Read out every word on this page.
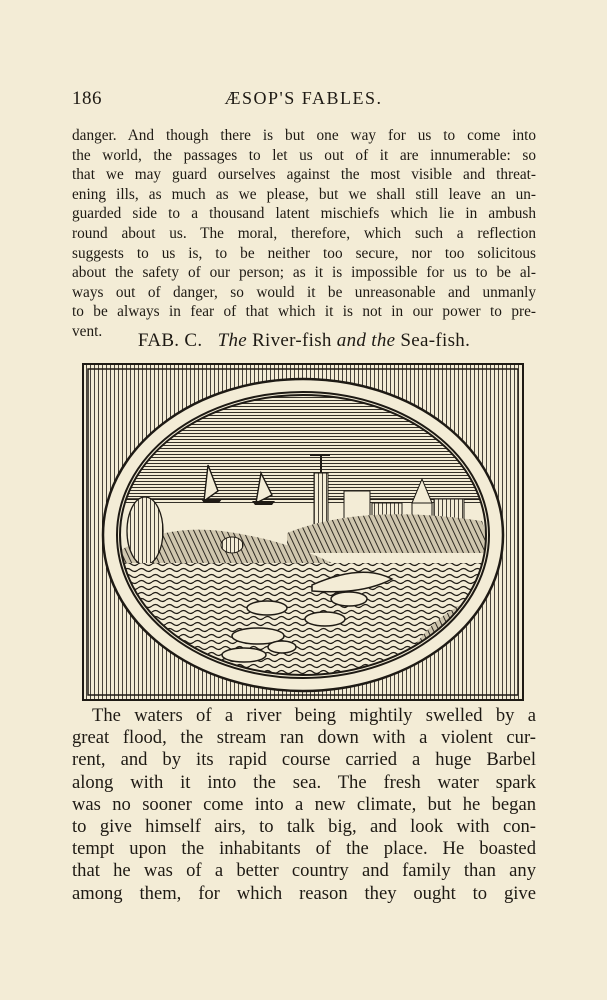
186	ÆSOP'S FABLES.
danger. And though there is but one way for us to come into
the world, the passages to let us out of it are innumerable: so
that we may guard ourselves against the most visible and threat-
ening ills, as much as we please, but we shall still leave an un-
guarded side to a thousand latent mischiefs which lie in ambush
round about us. The moral, therefore, which such a reflection
suggests to us is, to be neither too secure, nor too solicitous
about the safety of our person; as it is impossible for us to be al-
ways out of danger, so would it be unreasonable and unmanly
to be always in fear of that which it is not in our power to pre-
vent.	FAB. C. The River-fish and the Sea-fish.
The waters of a river being mightily swelled by a
great flood, the stream ran down with a violent cur-
rent, and by its rapid course carried a huge Barbel
along with it into the sea. The fresh water spark
was no sooner come into a new climate, but he began
to give himself airs, to talk big, and look with con-
tempt upon the inhabitants of the place. He boasted
that he was of a better country and family than any
among them, for which reason they ought to give
